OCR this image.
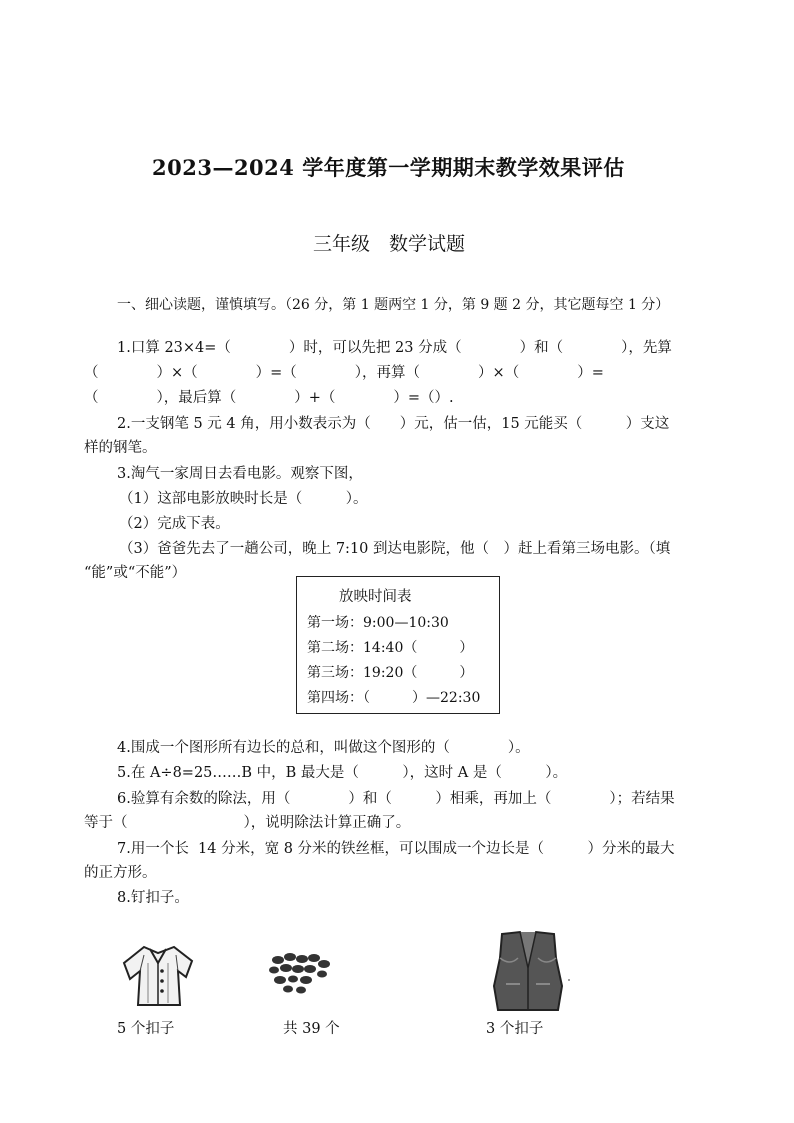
2023—2024 学年度第一学期期末教学效果评估
三年级　数学试题
一、细心读题，谨慎填写。（26 分，第 1 题两空 1 分，第 9 题 2 分，其它题每空 1 分）
1.口算 23×4=（　　　　）时，可以先把 23 分成（　　　　）和（　　　　），先算
（　　　　）×（　　　　）=（　　　　），再算（　　　　）×（　　　　）=
（　　　　），最后算（　　　　）+（　　　　）=（）.
2.一支钢笔 5 元 4 角，用小数表示为（　　）元，估一估，15 元能买（　　　）支这
样的钢笔。
3.淘气一家周日去看电影。观察下图，
（1）这部电影放映时长是（　　　）。
（2）完成下表。
（3）爸爸先去了一趟公司，晚上 7:10 到达电影院，他（　）赶上看第三场电影。（填
“能”或“不能”）
放映时间表
第一场：9:00—10:30
第二场：14:40（　　　）
第三场：19:20（　　　）
第四场：（　　　）—22:30
4.围成一个图形所有边长的总和，叫做这个图形的（　　　　）。
5.在 A÷8=25……B 中，B 最大是（　　　），这时 A 是（　　　）。
6.验算有余数的除法，用（　　　　）和（　　　）相乘，再加上（　　　　）；若结果
等于（　　　　　　　　），说明除法计算正确了。
7.用一个长  14 分米，宽 8 分米的铁丝框，可以围成一个边长是（　　　）分米的最大
的正方形。
8.钉扣子。
5 个扣子	共 39 个	3 个扣子
